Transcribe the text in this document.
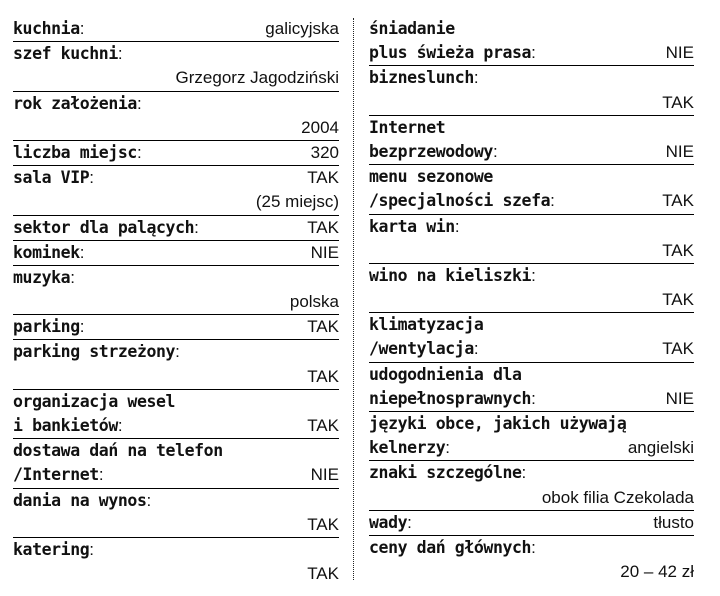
kuchnia:	galicyjska
szef kuchni:
Grzegorz Jagodziński
rok założenia:
2004
liczba miejsc:	320
sala VIP:	TAK
(25 miejsc)
sektor dla palących:	TAK
kominek:	NIE
muzyka:
polska
parking:	TAK
parking strzeżony:
TAK
organizacja wesel
i bankietów:	TAK
dostawa dań na telefon
/Internet:	NIE
dania na wynos:
TAK
katering:
TAK
śniadanie
plus świeża prasa:	NIE
bizneslunch:
TAK
Internet
bezprzewodowy:	NIE
menu sezonowe
/specjalności szefa:	TAK
karta win:
TAK
wino na kieliszki:
TAK
klimatyzacja
/wentylacja:	TAK
udogodnienia dla
niepełnosprawnych:	NIE
języki obce, jakich używają
kelnerzy:	angielski
znaki szczególne:
obok filia Czekolada
wady:	tłusto
ceny dań głównych:
20 – 42 zł
